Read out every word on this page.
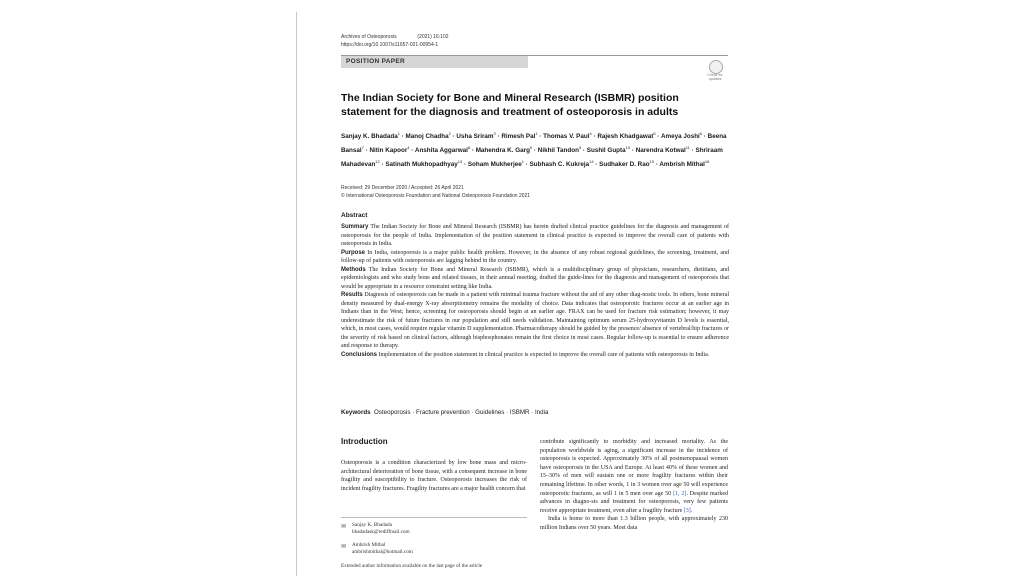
Archives of Osteoporosis	(2021) 16:102
https://doi.org/10.1007/s11657-021-00954-1
POSITION PAPER
Check for updates
The Indian Society for Bone and Mineral Research (ISBMR) position statement for the diagnosis and treatment of osteoporosis in adults
Sanjay K. Bhadada$^1$ · Manoj Chadha$^2$ · Usha Sriram$^3$ · Rimesh Pal$^1$ · Thomas V. Paul$^4$ · Rajesh Khadgawat$^5$ · Ameya Joshi$^6$ · Beena Bansal$^7$ · Nitin Kapoor$^4$ · Anshita Aggarwal$^8$ · Mahendra K. Garg$^9$ · Nikhil Tandon$^5$ · Sushil Gupta$^{10}$ · Narendra Kotwal$^{11}$ · Shriraam Mahadevan$^{12}$ · Satinath Mukhopadhyay$^{13}$ · Soham Mukherjee$^1$ · Subhash C. Kukreja$^{14}$ · Sudhaker D. Rao$^{15}$ · Ambrish Mithal$^{16}$
Received: 29 December 2020 / Accepted: 26 April 2021
© International Osteoporosis Foundation and National Osteoporosis Foundation 2021
Abstract

Summary The Indian Society for Bone and Mineral Research (ISBMR) has herein drafted clinical practice guidelines for the diagnosis and management of osteoporosis for the people of India. Implementation of the position statement in clinical practice is expected to improve the overall care of patients with osteoporosis in India.

Purpose In India, osteoporosis is a major public health problem. However, in the absence of any robust regional guidelines, the screening, treatment, and follow-up of patients with osteoporosis are lagging behind in the country.

Methods The Indian Society for Bone and Mineral Research (ISBMR), which is a multidisciplinary group of physicians, researchers, dietitians, and epidemiologists and who study bone and related tissues, in their annual meeting, drafted the guide-lines for the diagnosis and management of osteoporosis that would be appropriate in a resource constraint setting like India.

Results Diagnosis of osteoporosis can be made in a patient with minimal trauma fracture without the aid of any other diag-nostic tools. In others, bone mineral density measured by dual-energy X-ray absorptiometry remains the modality of choice. Data indicates that osteoporotic fractures occur at an earlier age in Indians than in the West; hence, screening for osteoporosis should begin at an earlier age. FRAX can be used for fracture risk estimation; however, it may underestimate the risk of future fractures in our population and still needs validation. Maintaining optimum serum 25-hydroxyvitamin D levels is essential, which, in most cases, would require regular vitamin D supplementation. Pharmacotherapy should be guided by the presence/ absence of vertebral/hip fractures or the severity of risk based on clinical factors, although bisphosphonates remain the first choice in most cases. Regular follow-up is essential to ensure adherence and response to therapy.

Conclusions Implementation of the position statement in clinical practice is expected to improve the overall care of patients with osteoporosis in India.

Keywords Osteoporosis · Fracture prevention · Guidelines · ISBMR · India
Introduction

Osteoporosis is a condition characterized by low bone mass and micro-architectural deterioration of bone tissue, with a consequent increase in bone fragility and susceptibility to fracture. Osteoporosis increases the risk of incident fragility fractures. Fragility fractures are a major health concern that

contribute significantly to morbidity and increased mortality. As the population worldwide is aging, a significant increase in the incidence of osteoporosis is expected. Approximately 30% of all postmenopausal women have osteoporosis in the USA and Europe. At least 40% of these women and 15–30% of men will sustain one or more fragility fractures within their remaining lifetime. In other words, 1 in 3 women over age 50 will experience osteoporotic fractures, as will 1 in 5 men over age 50 [1, 2]. Despite marked advances in diagno-sis and treatment for osteoporosis, very few patients receive appropriate treatment, even after a fragility fracture [3].

India is home to more than 1.3 billion people, with approximately 230 million Indians over 50 years. Most data

✉ Sanjay K. Bhadada
bhadadask@rediffmail.com
✉ Ambrish Mithal
ambrishmithal@hotmail.com
Extended author information available on the last page of the article
